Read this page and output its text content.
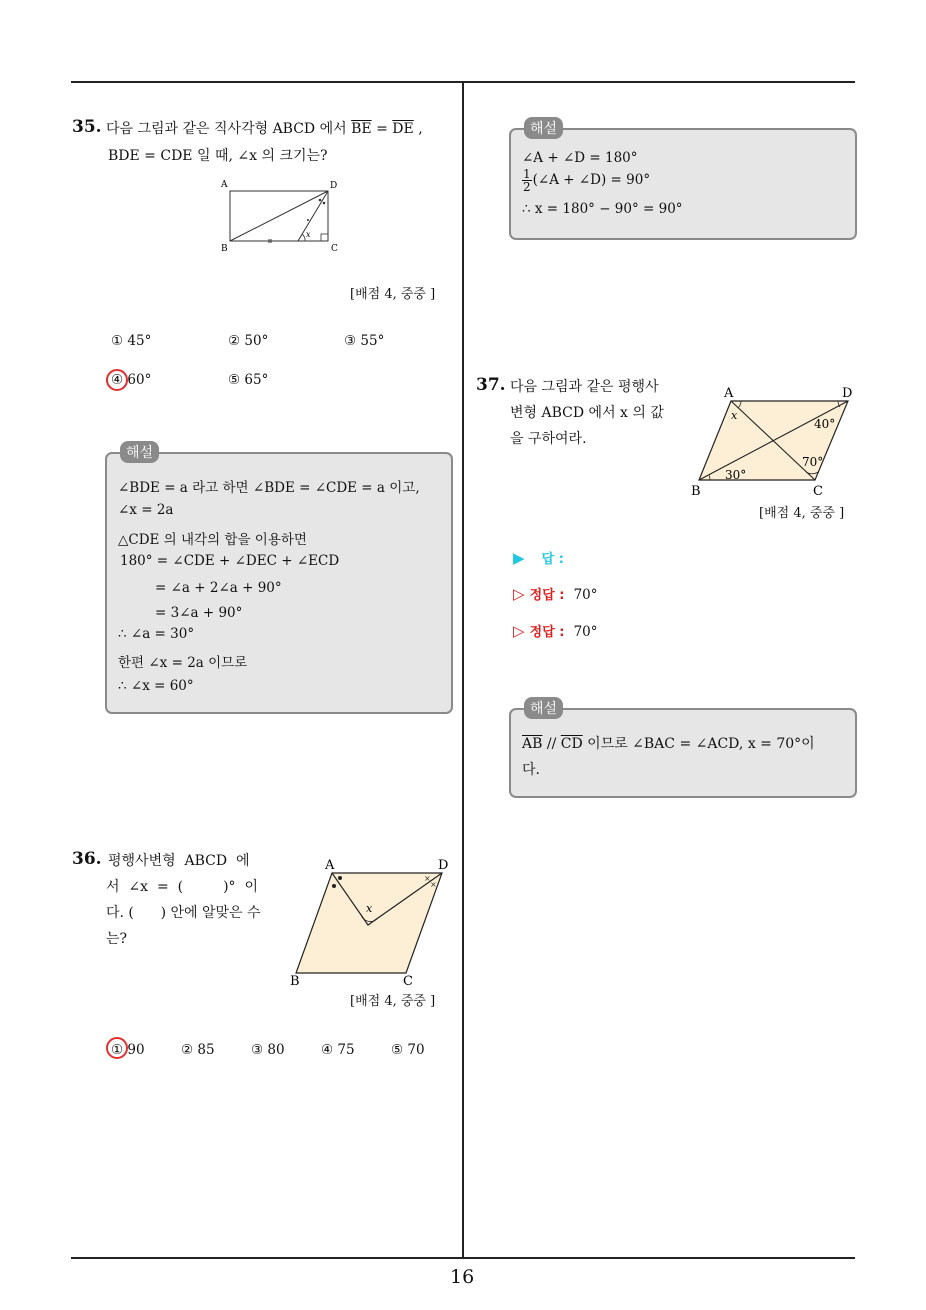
16
35. 다음 그림과 같은 직사각형 ABCD 에서 $\overline{BE} = \overline{DE}$ ,
BDE = CDE 일 때, ∠x 의 크기는?
A	D
B	C
x
[배점 4, 중중 ]
① 45°	② 50°	③ 55°
④ 60°	⑤ 65°
해설
∠BDE = a 라고 하면 ∠BDE = ∠CDE = a 이고,
∠x = 2a
△CDE 의 내각의 합을 이용하면
180° = ∠CDE + ∠DEC + ∠ECD
= ∠a + 2∠a + 90°
= 3∠a + 90°
∴ ∠a = 30°
한편 ∠x = 2a 이므로
∴ ∠x = 60°
36. 평행사변형  ABCD  에
서  ∠x  =  (         )°  이
다. (      ) 안에 알맞은 수
는?
×
×
A	D
B	C
x
[배점 4, 중중 ]
① 90	② 85	③ 80	④ 75	⑤ 70
해설
∠A + ∠D = 180°
$\frac{1}{2}$ (∠A + ∠D) = 90°
∴ x = 180° − 90° = 90°
37. 다음 그림과 같은 평행사
변형 ABCD 에서 x 의 값
을 구하여라.
A	D
B	C
x
40°
70°
30°
[배점 4, 중중 ]
▶ 답 :
▷ 정답 : 70°
▷ 정답 : 70°
해설
$\overline{AB} // \overline{CD}$ 이므로 ∠BAC = ∠ACD, x = 70°이
다.
